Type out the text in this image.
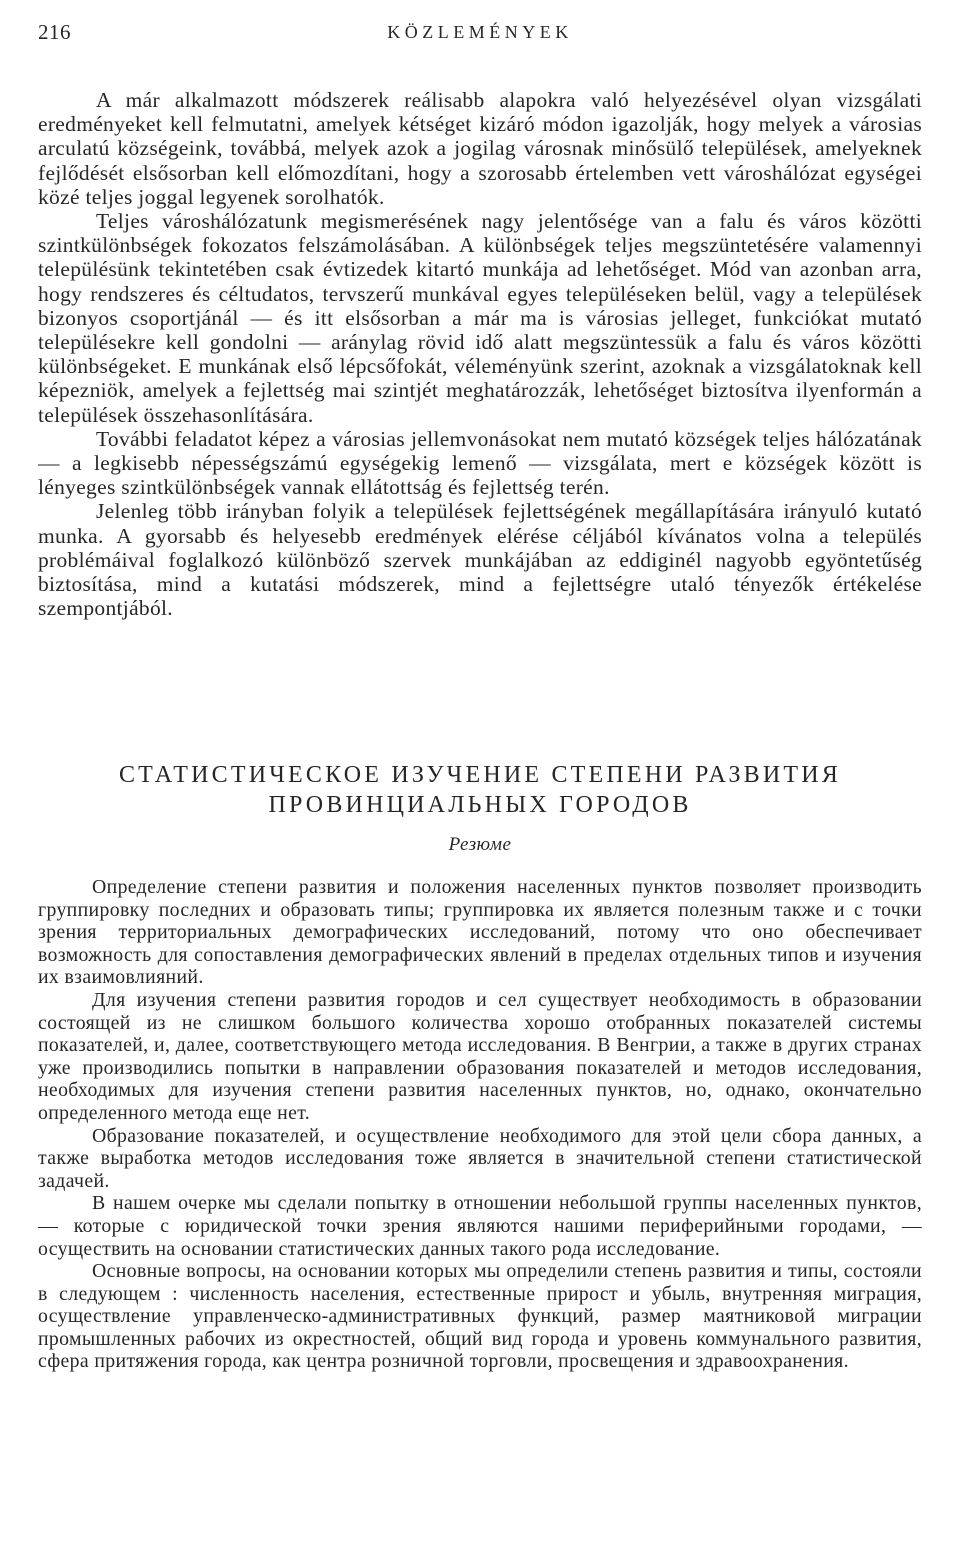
216	KÖZLEMÉNYEK

A már alkalmazott módszerek reálisabb alapokra való helyezésével olyan vizsgálati eredményeket kell felmutatni, amelyek kétséget kizáró módon igazolják, hogy melyek a városias arculatú községeink, továbbá, melyek azok a jogilag városnak minősülő települések, amelyeknek fejlődését elsősorban kell előmozdítani, hogy a szorosabb értelemben vett városhálózat egységei közé teljes joggal legyenek sorolhatók.

Teljes városhálózatunk megismerésének nagy jelentősége van a falu és város közötti szintkülönbségek fokozatos felszámolásában. A különbségek teljes megszüntetésére valamennyi településünk tekintetében csak évtizedek kitartó munkája ad lehetőséget. Mód van azonban arra, hogy rendszeres és céltudatos, tervszerű munkával egyes településeken belül, vagy a települések bizonyos csoportjánál — és itt elsősorban a már ma is városias jelleget, funkciókat mutató településekre kell gondolni — aránylag rövid idő alatt megszüntessük a falu és város közötti különbségeket. E munkának első lépcsőfokát, véleményünk szerint, azoknak a vizsgálatoknak kell képezniök, amelyek a fejlettség mai szintjét meghatározzák, lehetőséget biztosítva ilyenformán a települések összehasonlítására.

További feladatot képez a városias jellemvonásokat nem mutató községek teljes hálózatának — a legkisebb népességszámú egységekig lemenő — vizsgálata, mert e községek között is lényeges szintkülönbségek vannak ellátottság és fejlettség terén.

Jelenleg több irányban folyik a települések fejlettségének megállapítására irányuló kutató munka. A gyorsabb és helyesebb eredmények elérése céljából kívánatos volna a település problémáival foglalkozó különböző szervek munkájában az eddiginél nagyobb egyöntetűség biztosítása, mind a kutatási módszerek, mind a fejlettségre utaló tényezők értékelése szempontjából.

СТАТИСТИЧЕСКОЕ ИЗУЧЕНИЕ СТЕПЕНИ РАЗВИТИЯ
ПРОВИНЦИАЛЬНЫХ ГОРОДОВ
Резюме

Определение степени развития и положения населенных пунктов позволяет производить группировку последних и образовать типы; группировка их является полезным также и с точки зрения территориальных демографических исследований, потому что оно обеспечивает возможность для сопоставления демографических явлений в пределах отдельных типов и изучения их взаимовлияний.

Для изучения степени развития городов и сел существует необходимость в образовании состоящей из не слишком большого количества хорошо отобранных показателей системы показателей, и, далее, соответствующего метода исследования. В Венгрии, а также в других странах уже производились попытки в направлении образования показателей и методов исследования, необходимых для изучения степени развития населенных пунктов, но, однако, окончательно определенного метода еще нет.

Образование показателей, и осуществление необходимого для этой цели сбора данных, а также выработка методов исследования тоже является в значительной степени статистической задачей.

В нашем очерке мы сделали попытку в отношении небольшой группы населенных пунктов, — которые с юридической точки зрения являются нашими периферийными городами, — осуществить на основании статистических данных такого рода исследование.

Основные вопросы, на основании которых мы определили степень развития и типы, состояли в следующем : численность населения, естественные прирост и убыль, внутренняя миграция, осуществление управленческо-административных функций, размер маятниковой миграции промышленных рабочих из окрестностей, общий вид города и уровень коммунального развития, сфера притяжения города, как центра розничной торговли, просвещения и здравоохранения.
